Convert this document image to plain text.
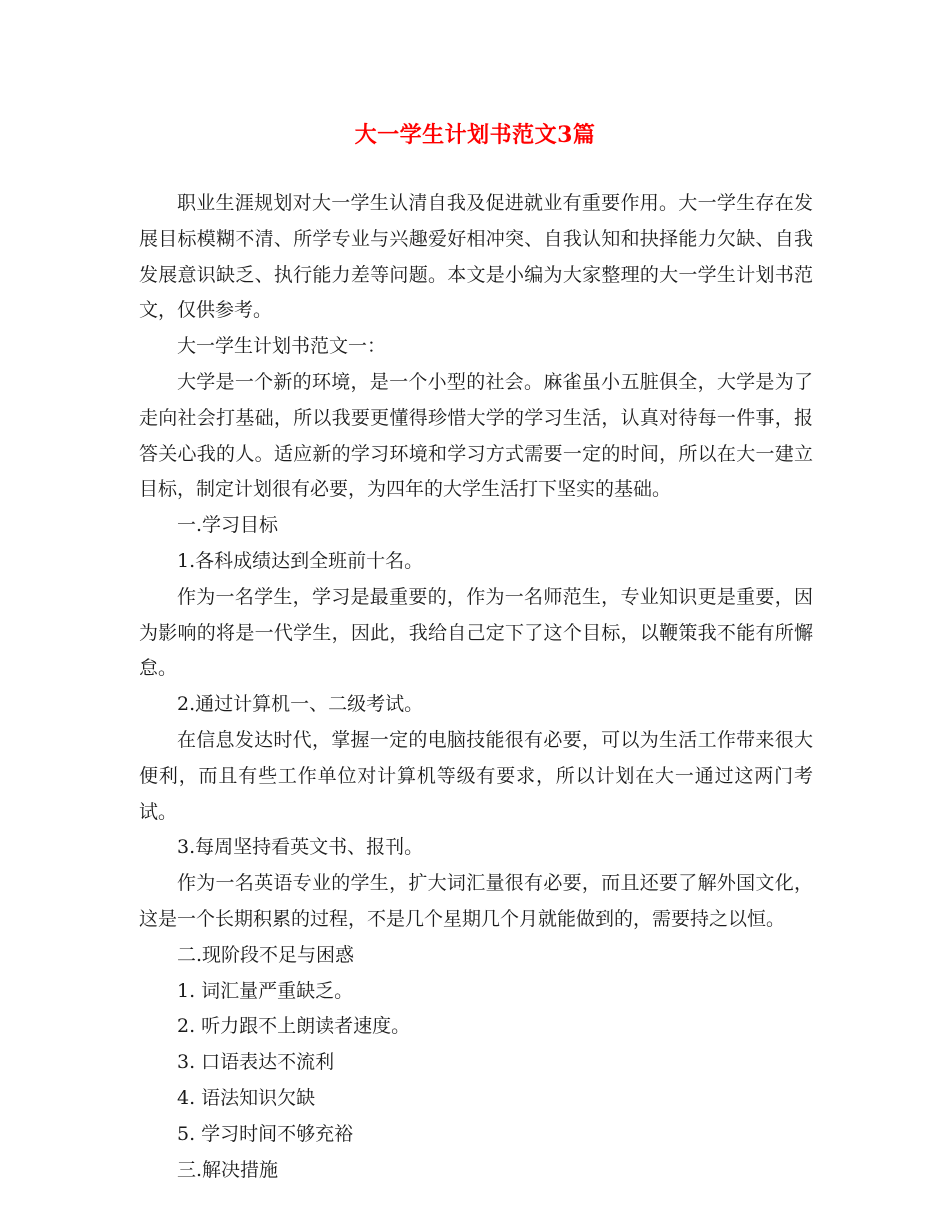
大一学生计划书范文3篇

职业生涯规划对大一学生认清自我及促进就业有重要作用。大一学生存在发展目标模糊不清、所学专业与兴趣爱好相冲突、自我认知和抉择能力欠缺、自我发展意识缺乏、执行能力差等问题。本文是小编为大家整理的大一学生计划书范文，仅供参考。

大一学生计划书范文一：

大学是一个新的环境，是一个小型的社会。麻雀虽小五脏俱全，大学是为了走向社会打基础，所以我要更懂得珍惜大学的学习生活，认真对待每一件事，报答关心我的人。适应新的学习环境和学习方式需要一定的时间，所以在大一建立目标，制定计划很有必要，为四年的大学生活打下坚实的基础。

一.学习目标

1.各科成绩达到全班前十名。

作为一名学生，学习是最重要的，作为一名师范生，专业知识更是重要，因为影响的将是一代学生，因此，我给自己定下了这个目标，以鞭策我不能有所懈怠。

2.通过计算机一、二级考试。

在信息发达时代，掌握一定的电脑技能很有必要，可以为生活工作带来很大便利，而且有些工作单位对计算机等级有要求，所以计划在大一通过这两门考试。

3.每周坚持看英文书、报刊。

作为一名英语专业的学生，扩大词汇量很有必要，而且还要了解外国文化，这是一个长期积累的过程，不是几个星期几个月就能做到的，需要持之以恒。

二.现阶段不足与困惑

1. 词汇量严重缺乏。

2. 听力跟不上朗读者速度。

3. 口语表达不流利

4. 语法知识欠缺

5. 学习时间不够充裕

三.解决措施
